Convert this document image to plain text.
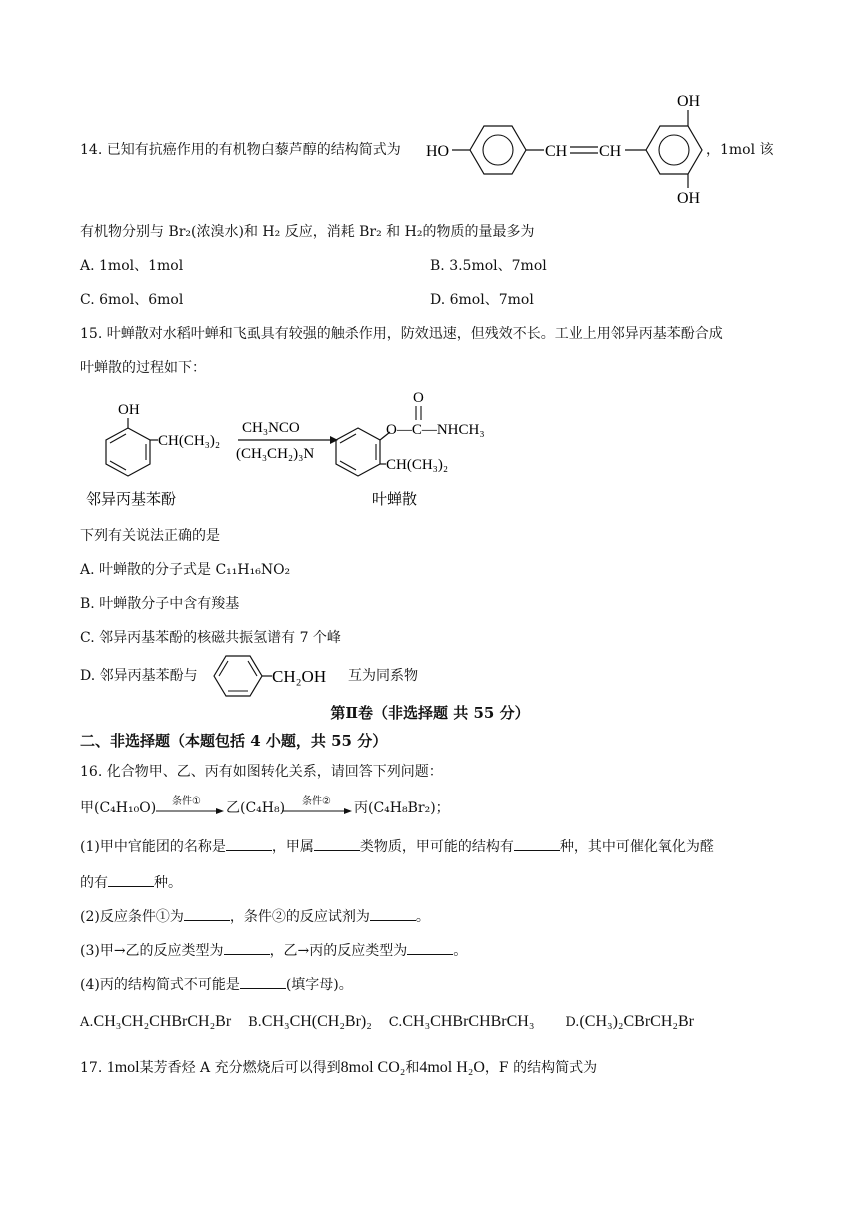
14. 已知有抗癌作用的有机物白藜芦醇的结构简式为 HO	CH CH
OH
OH
，1mol 该
有机物分别与 Br₂(浓溴水)和 H₂ 反应，消耗 Br₂ 和 H₂的物质的量最多为
A. 1mol、1mol	B. 3.5mol、7mol
C. 6mol、6mol	D. 6mol、7mol
15. 叶蝉散对水稻叶蝉和飞虱具有较强的触杀作用，防效迅速，但残效不长。工业上用邻异丙基苯酚合成
叶蝉散的过程如下：
OH
CH(CH₃)₂
CH₃NCO
(CH₃CH₂)₃N
O
O—C—NHCH₃
CH(CH₃)₂
邻异丙基苯酚	叶蝉散
下列有关说法正确的是
A. 叶蝉散的分子式是 C₁₁H₁₆NO₂
B. 叶蝉散分子中含有羧基
C. 邻异丙基苯酚的核磁共振氢谱有 7 个峰
D. 邻异丙基苯酚与	CH₂OH 互为同系物
第Ⅱ卷（非选择题 共 55 分）
二、非选择题（本题包括 4 小题，共 55 分）
16. 化合物甲、乙、丙有如图转化关系，请回答下列问题：
甲(C₄H₁₀O) 条件① 乙(C₄H₈) 条件② 丙(C₄H₈Br₂)；
(1)甲中官能团的名称是	，甲属	类物质，甲可能的结构有	种，其中可催化氧化为醛
的有	种。
(2)反应条件①为	，条件②的反应试剂为	。
(3)甲→乙的反应类型为	，乙→丙的反应类型为	。
(4)丙的结构简式不可能是	(填字母)。
A.CH₃CH₂CHBrCH₂Br B.CH₃CH(CH₂Br)₂ C.CH₃CHBrCHBrCH₃ D.(CH₃)₂CBrCH₂Br
17. 1mol某芳香烃 A 充分燃烧后可以得到8mol CO₂和4mol H₂O，F 的结构简式为
